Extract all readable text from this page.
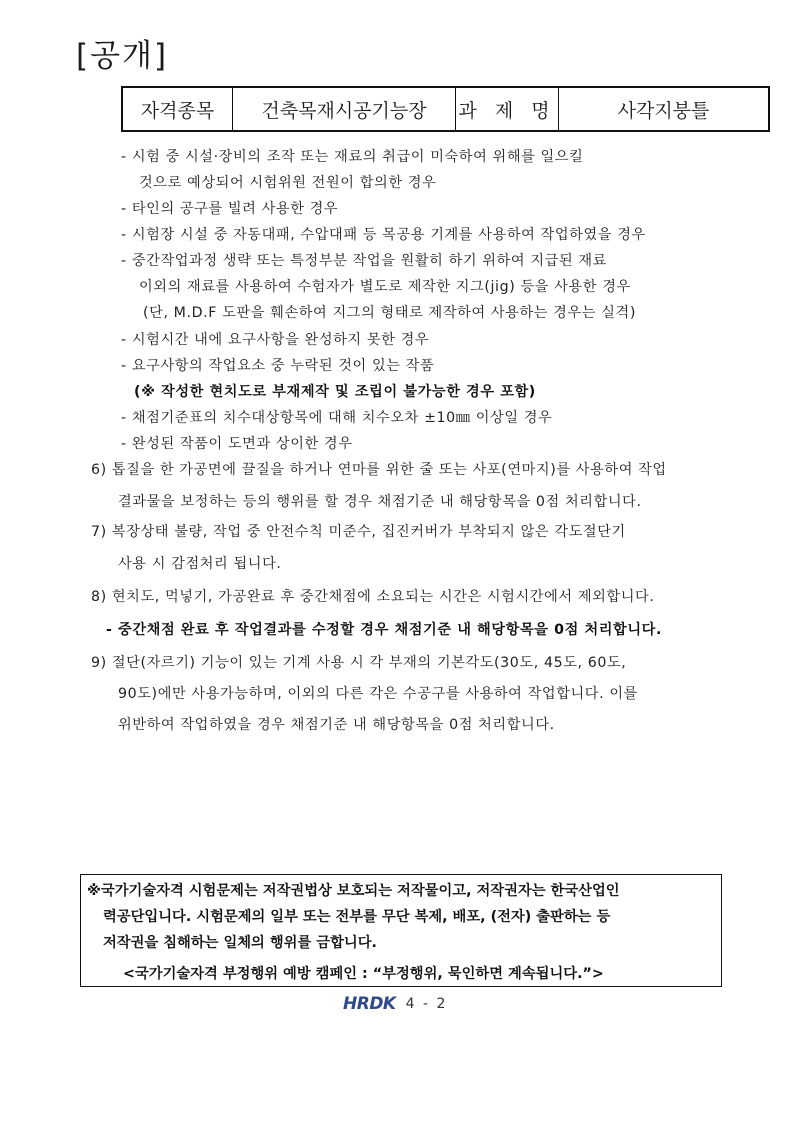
[공개]
자격종목	건축목재시공기능장	과 제 명	사각지붕틀
- 시험 중 시설·장비의 조작 또는 재료의 취급이 미숙하여 위해를 일으킬
것으로 예상되어 시험위원 전원이 합의한 경우
- 타인의 공구를 빌려 사용한 경우
- 시험장 시설 중 자동대패, 수압대패 등 목공용 기계를 사용하여 작업하였을 경우
- 중간작업과정 생략 또는 특정부분 작업을 원활히 하기 위하여 지급된 재료
이외의 재료를 사용하여 수험자가 별도로 제작한 지그(jig) 등을 사용한 경우
(단, M.D.F 도판을 훼손하여 지그의 형태로 제작하여 사용하는 경우는 실격)
- 시험시간 내에 요구사항을 완성하지 못한 경우
- 요구사항의 작업요소 중 누락된 것이 있는 작품
(※ 작성한 현치도로 부재제작 및 조립이 불가능한 경우 포함)
- 채점기준표의 치수대상항목에 대해 치수오차 ±10㎜ 이상일 경우
- 완성된 작품이 도면과 상이한 경우
6) 톱질을 한 가공면에 끌질을 하거나 연마를 위한 줄 또는 사포(연마지)를 사용하여 작업
결과물을 보정하는 등의 행위를 할 경우 채점기준 내 해당항목을 0점 처리합니다.
7) 복장상태 불량, 작업 중 안전수칙 미준수, 집진커버가 부착되지 않은 각도절단기
사용 시 감점처리 됩니다.
8) 현치도, 먹넣기, 가공완료 후 중간채점에 소요되는 시간은 시험시간에서 제외합니다.
- 중간채점 완료 후 작업결과를 수정할 경우 채점기준 내 해당항목을 0점 처리합니다.
9) 절단(자르기) 기능이 있는 기계 사용 시 각 부재의 기본각도(30도, 45도, 60도,
90도)에만 사용가능하며, 이외의 다른 각은 수공구를 사용하여 작업합니다. 이를
위반하여 작업하였을 경우 채점기준 내 해당항목을 0점 처리합니다.
※국가기술자격 시험문제는 저작권법상 보호되는 저작물이고, 저작권자는 한국산업인
력공단입니다. 시험문제의 일부 또는 전부를 무단 복제, 배포, (전자) 출판하는 등
저작권을 침해하는 일체의 행위를 금합니다.
<국가기술자격 부정행위 예방 캠페인 : “부정행위, 묵인하면 계속됩니다.”>
HRDK 4 - 2
